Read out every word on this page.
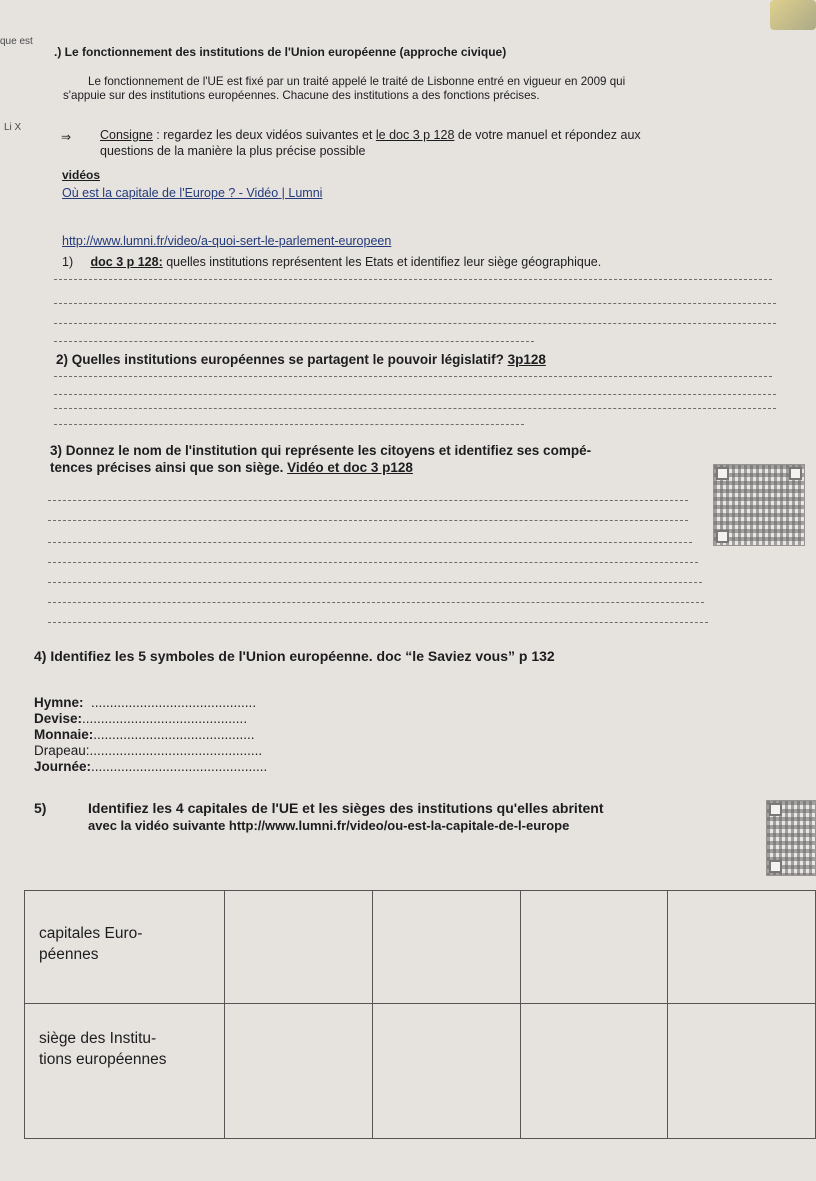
que est
Li X
.) Le fonctionnement des institutions de l'Union européenne (approche civique)
Le fonctionnement de l'UE est fixé par un traité appelé le traité de Lisbonne entré en vigueur en 2009 qui
s'appuie sur des institutions européennes. Chacune des institutions a des fonctions précises.
⇒ Consigne : regardez les deux vidéos suivantes et le doc 3 p 128 de votre manuel et répondez aux
questions de la manière la plus précise possible
vidéos
Où est la capitale de l'Europe ? - Vidéo | Lumni
http://www.lumni.fr/video/a-quoi-sert-le-parlement-europeen
1) doc 3 p 128: quelles institutions représentent les Etats et identifiez leur siège géographique.
2) Quelles institutions européennes se partagent le pouvoir législatif? 3p128
3) Donnez le nom de l'institution qui représente les citoyens et identifiez ses compé-
tences précises ainsi que son siège. Vidéo et doc 3 p128
4) Identifiez les 5 symboles de l'Union européenne. doc “le Saviez vous” p 132
Hymne: ............................................
Devise:............................................
Monnaie:...........................................
Drapeau:..............................................
Journée:...............................................
5)	Identifiez les 4 capitales de l'UE et les sièges des institutions qu'elles abritent
avec la vidéo suivante http://www.lumni.fr/video/ou-est-la-capitale-de-l-europe
capitales Euro-
péennes				
siège des Institu-
tions européennes				
